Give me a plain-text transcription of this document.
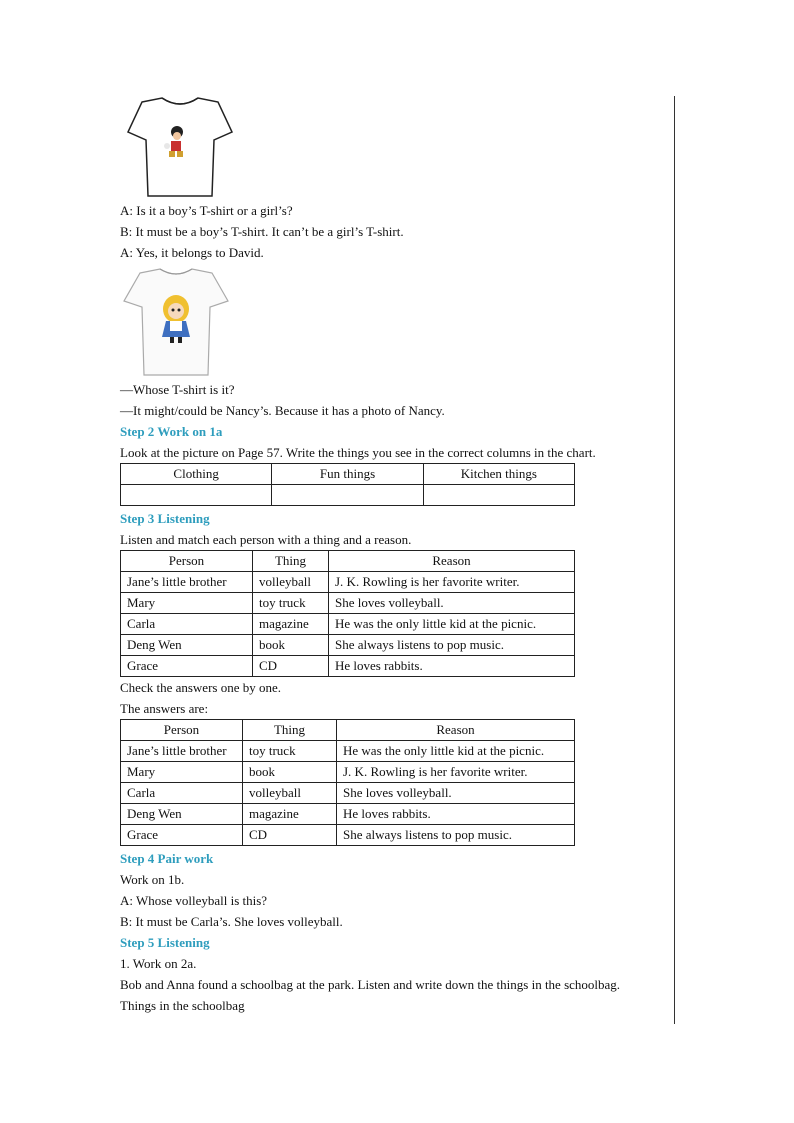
A: Is it a boy’s T-shirt or a girl’s?
B: It must be a boy’s T-shirt. It can’t be a girl’s T-shirt.
A: Yes, it belongs to David.
—Whose T-shirt is it?
—It might/could be Nancy’s. Because it has a photo of Nancy.
Step 2 Work on 1a
Look at the picture on Page 57. Write the things you see in the correct columns in the chart.
Clothing	Fun things	Kitchen things

Step 3 Listening
Listen and match each person with a thing and a reason.
Person	Thing	Reason
Jane’s little brother	volleyball	J. K. Rowling is her favorite writer.
Mary	toy truck	She loves volleyball.
Carla	magazine	He was the only little kid at the picnic.
Deng Wen	book	She always listens to pop music.
Grace	CD	He loves rabbits.
Check the answers one by one.
The answers are:
Person	Thing	Reason
Jane’s little brother	toy truck	He was the only little kid at the picnic.
Mary	book	J. K. Rowling is her favorite writer.
Carla	volleyball	She loves volleyball.
Deng Wen	magazine	He loves rabbits.
Grace	CD	She always listens to pop music.
Step 4 Pair work
Work on 1b.
A: Whose volleyball is this?
B: It must be Carla’s. She loves volleyball.
Step 5 Listening
1. Work on 2a.
Bob and Anna found a schoolbag at the park. Listen and write down the things in the schoolbag.
Things in the schoolbag
